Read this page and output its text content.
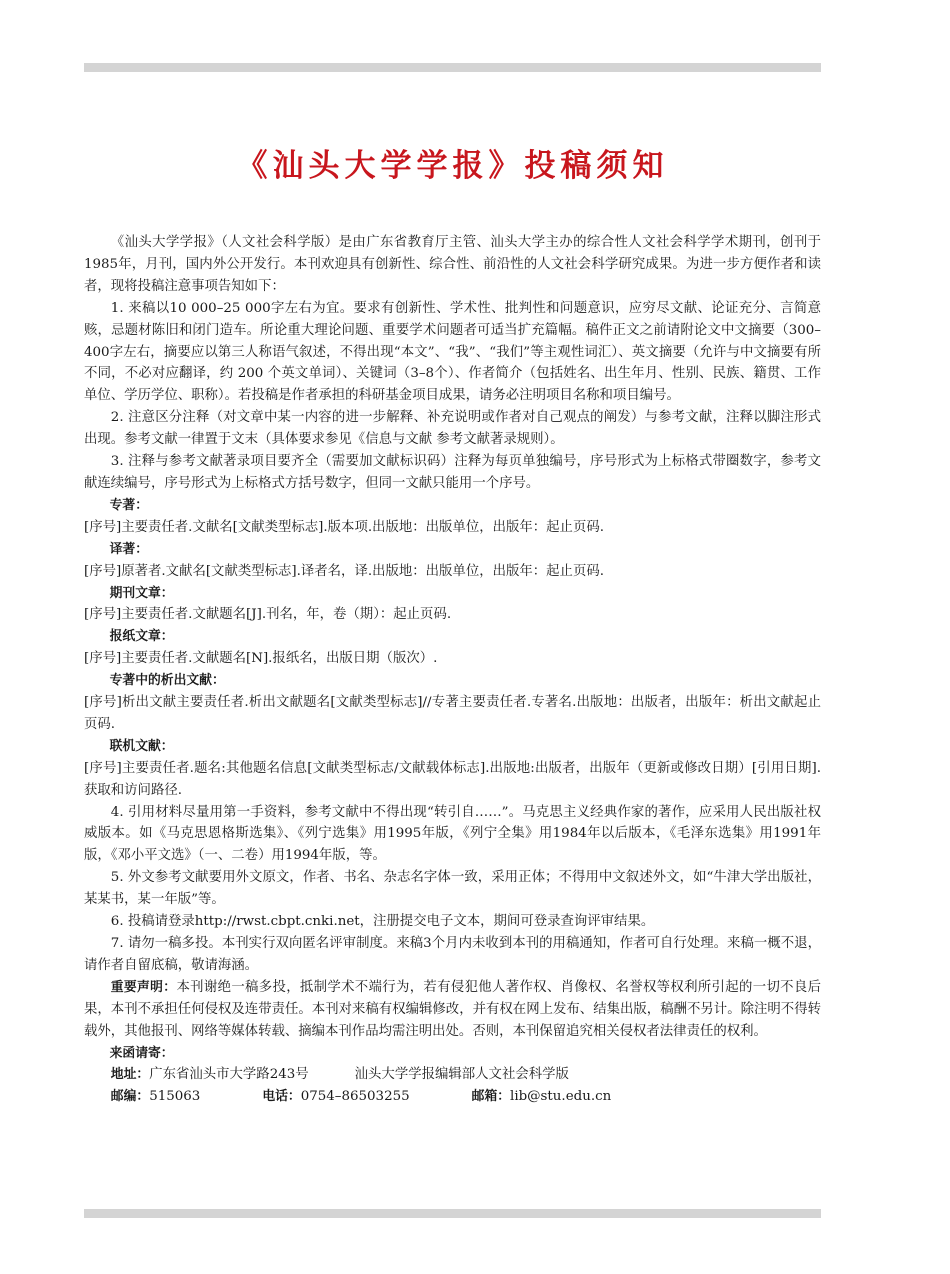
《汕头大学学报》投稿须知

《汕头大学学报》（人文社会科学版）是由广东省教育厅主管、汕头大学主办的综合性人文社会科学学术期刊，创刊于1985年，月刊，国内外公开发行。本刊欢迎具有创新性、综合性、前沿性的人文社会科学研究成果。为进一步方便作者和读者，现将投稿注意事项告知如下：

1. 来稿以10 000–25 000字左右为宜。要求有创新性、学术性、批判性和问题意识，应穷尽文献、论证充分、言简意赅，忌题材陈旧和闭门造车。所论重大理论问题、重要学术问题者可适当扩充篇幅。稿件正文之前请附论文中文摘要（300–400字左右，摘要应以第三人称语气叙述，不得出现“本文”、“我”、“我们”等主观性词汇）、英文摘要（允许与中文摘要有所不同，不必对应翻译，约 200 个英文单词）、关键词（3–8个）、作者简介（包括姓名、出生年月、性别、民族、籍贯、工作单位、学历学位、职称）。若投稿是作者承担的科研基金项目成果，请务必注明项目名称和项目编号。

2. 注意区分注释（对文章中某一内容的进一步解释、补充说明或作者对自己观点的阐发）与参考文献，注释以脚注形式出现。参考文献一律置于文末（具体要求参见《信息与文献 参考文献著录规则）。

3. 注释与参考文献著录项目要齐全（需要加文献标识码）注释为每页单独编号，序号形式为上标格式带圈数字，参考文献连续编号，序号形式为上标格式方括号数字，但同一文献只能用一个序号。

专著：

[序号]主要责任者.文献名[文献类型标志].版本项.出版地：出版单位，出版年：起止页码.

译著：

[序号]原著者.文献名[文献类型标志].译者名，译.出版地：出版单位，出版年：起止页码.

期刊文章：

[序号]主要责任者.文献题名[J].刊名，年，卷（期）：起止页码.

报纸文章：

[序号]主要责任者.文献题名[N].报纸名，出版日期（版次）.

专著中的析出文献：

[序号]析出文献主要责任者.析出文献题名[文献类型标志]//专著主要责任者.专著名.出版地：出版者，出版年：析出文献起止页码.

联机文献：

[序号]主要责任者.题名:其他题名信息[文献类型标志/文献载体标志].出版地:出版者，出版年（更新或修改日期）[引用日期].获取和访问路径.

4. 引用材料尽量用第一手资料，参考文献中不得出现“转引自……”。马克思主义经典作家的著作，应采用人民出版社权威版本。如《马克思恩格斯选集》、《列宁选集》用1995年版，《列宁全集》用1984年以后版本，《毛泽东选集》用1991年版，《邓小平文选》（一、二卷）用1994年版，等。

5. 外文参考文献要用外文原文，作者、书名、杂志名字体一致，采用正体；不得用中文叙述外文，如“牛津大学出版社，某某书，某一年版”等。

6. 投稿请登录http://rwst.cbpt.cnki.net，注册提交电子文本，期间可登录查询评审结果。

7. 请勿一稿多投。本刊实行双向匿名评审制度。来稿3个月内未收到本刊的用稿通知，作者可自行处理。来稿一概不退，请作者自留底稿，敬请海涵。

重要声明：本刊谢绝一稿多投，抵制学术不端行为，若有侵犯他人著作权、肖像权、名誉权等权利所引起的一切不良后果，本刊不承担任何侵权及连带责任。本刊对来稿有权编辑修改，并有权在网上发布、结集出版，稿酬不另计。除注明不得转载外，其他报刊、网络等媒体转载、摘编本刊作品均需注明出处。否则，本刊保留追究相关侵权者法律责任的权利。

来函请寄：

地址：广东省汕头市大学路243号	汕头大学学报编辑部人文社会科学版

邮编：515063	电话：0754–86503255	邮箱：lib@stu.edu.cn
